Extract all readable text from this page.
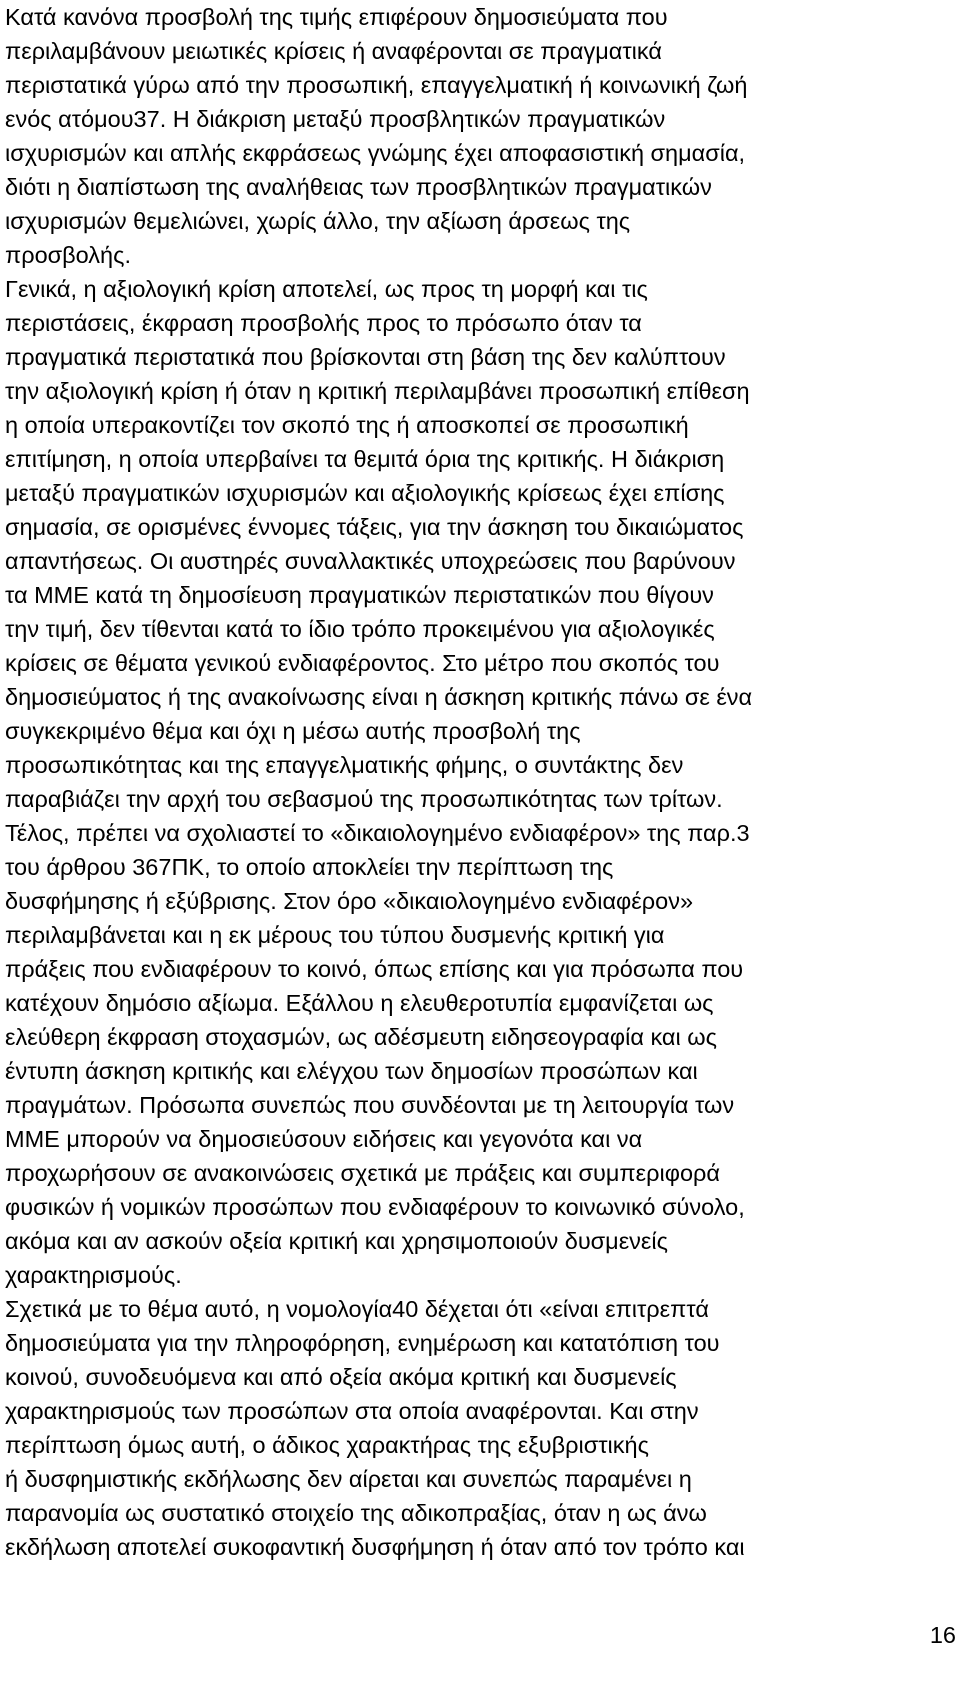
Κατά κανόνα προσβολή της τιμής επιφέρουν δημοσιεύματα που
περιλαμβάνουν μειωτικές κρίσεις ή αναφέρονται σε πραγματικά
περιστατικά γύρω από την προσωπική, επαγγελματική ή κοινωνική ζωή
ενός ατόμου37. Η διάκριση μεταξύ προσβλητικών πραγματικών
ισχυρισμών και απλής εκφράσεως γνώμης έχει αποφασιστική σημασία,
διότι η διαπίστωση της αναλήθειας των προσβλητικών πραγματικών
ισχυρισμών θεμελιώνει, χωρίς άλλο, την αξίωση άρσεως της
προσβολής.
Γενικά, η αξιολογική κρίση αποτελεί, ως προς τη μορφή και τις
περιστάσεις, έκφραση προσβολής προς το πρόσωπο όταν τα
πραγματικά περιστατικά που βρίσκονται στη βάση της δεν καλύπτουν
την αξιολογική κρίση ή όταν η κριτική περιλαμβάνει προσωπική επίθεση
η οποία υπερακοντίζει τον σκοπό της ή αποσκοπεί σε προσωπική
επιτίμηση, η οποία υπερβαίνει τα θεμιτά όρια της κριτικής. Η διάκριση
μεταξύ πραγματικών ισχυρισμών και αξιολογικής κρίσεως έχει επίσης
σημασία, σε ορισμένες έννομες τάξεις, για την άσκηση του δικαιώματος
απαντήσεως. Οι αυστηρές συναλλακτικές υποχρεώσεις που βαρύνουν
τα ΜΜΕ κατά τη δημοσίευση πραγματικών περιστατικών που θίγουν
την τιμή, δεν τίθενται κατά το ίδιο τρόπο προκειμένου για αξιολογικές
κρίσεις σε θέματα γενικού ενδιαφέροντος. Στο μέτρο που σκοπός του
δημοσιεύματος ή της ανακοίνωσης είναι η άσκηση κριτικής πάνω σε ένα
συγκεκριμένο θέμα και όχι η μέσω αυτής προσβολή της
προσωπικότητας και της επαγγελματικής φήμης, ο συντάκτης δεν
παραβιάζει την αρχή του σεβασμού της προσωπικότητας των τρίτων.
Τέλος, πρέπει να σχολιαστεί το «δικαιολογημένο ενδιαφέρον» της παρ.3
του άρθρου 367ΠΚ, το οποίο αποκλείει την περίπτωση της
δυσφήμησης ή εξύβρισης. Στον όρο «δικαιολογημένο ενδιαφέρον»
περιλαμβάνεται και η εκ μέρους του τύπου δυσμενής κριτική για
πράξεις που ενδιαφέρουν το κοινό, όπως επίσης και για πρόσωπα που
κατέχουν δημόσιο αξίωμα. Εξάλλου η ελευθεροτυπία εμφανίζεται ως
ελεύθερη έκφραση στοχασμών, ως αδέσμευτη ειδησεογραφία και ως
έντυπη άσκηση κριτικής και ελέγχου των δημοσίων προσώπων και
πραγμάτων. Πρόσωπα συνεπώς που συνδέονται με τη λειτουργία των
ΜΜΕ μπορούν να δημοσιεύσουν ειδήσεις και γεγονότα και να
προχωρήσουν σε ανακοινώσεις σχετικά με πράξεις και συμπεριφορά
φυσικών ή νομικών προσώπων που ενδιαφέρουν το κοινωνικό σύνολο,
ακόμα και αν ασκούν οξεία κριτική και χρησιμοποιούν δυσμενείς
χαρακτηρισμούς.
Σχετικά με το θέμα αυτό, η νομολογία40 δέχεται ότι «είναι επιτρεπτά
δημοσιεύματα για την πληροφόρηση, ενημέρωση και κατατόπιση του
κοινού, συνοδευόμενα και από οξεία ακόμα κριτική και δυσμενείς
χαρακτηρισμούς των προσώπων στα οποία αναφέρονται. Και στην
περίπτωση όμως αυτή, ο άδικος χαρακτήρας της εξυβριστικής
ή δυσφημιστικής εκδήλωσης δεν αίρεται και συνεπώς παραμένει η
παρανομία ως συστατικό στοιχείο της αδικοπραξίας, όταν η ως άνω
εκδήλωση αποτελεί συκοφαντική δυσφήμηση ή όταν από τον τρόπο και
16
